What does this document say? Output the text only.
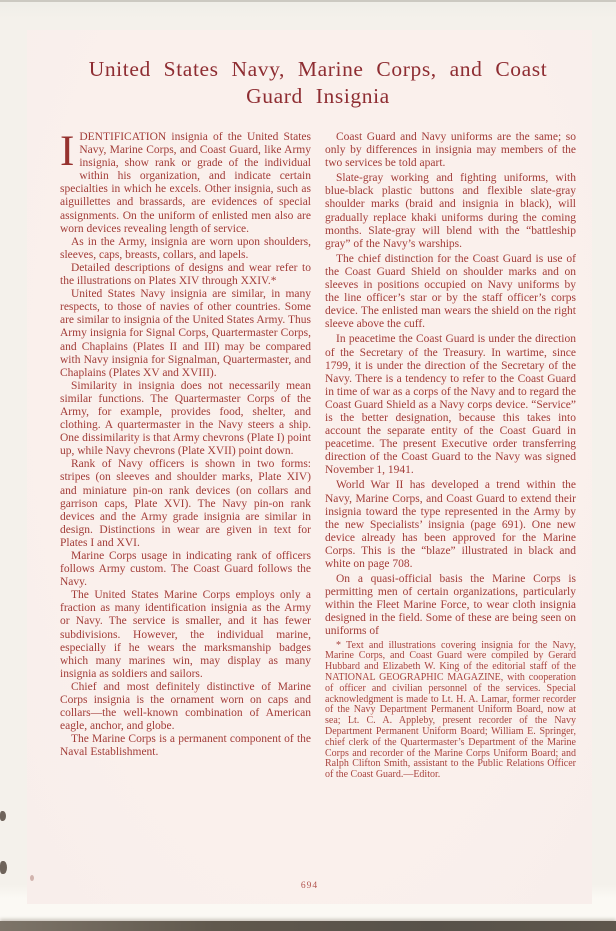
United States Navy, Marine Corps, and Coast
Guard Insignia

IDENTIFICATION insignia of the United States Navy, Marine Corps, and Coast Guard, like Army insignia, show rank or grade of the individual within his organization, and indicate certain specialties in which he excels. Other insignia, such as aiguillettes and brassards, are evidences of special assignments. On the uniform of enlisted men also are worn devices revealing length of service.

As in the Army, insignia are worn upon shoulders, sleeves, caps, breasts, collars, and lapels.

Detailed descriptions of designs and wear refer to the illustrations on Plates XIV through XXIV.*

United States Navy insignia are similar, in many respects, to those of navies of other countries. Some are similar to insignia of the United States Army. Thus Army insignia for Signal Corps, Quartermaster Corps, and Chaplains (Plates II and III) may be compared with Navy insignia for Signalman, Quartermaster, and Chaplains (Plates XV and XVIII).

Similarity in insignia does not necessarily mean similar functions. The Quartermaster Corps of the Army, for example, provides food, shelter, and clothing. A quartermaster in the Navy steers a ship. One dissimilarity is that Army chevrons (Plate I) point up, while Navy chevrons (Plate XVII) point down.

Rank of Navy officers is shown in two forms: stripes (on sleeves and shoulder marks, Plate XIV) and miniature pin-on rank devices (on collars and garrison caps, Plate XVI). The Navy pin-on rank devices and the Army grade insignia are similar in design. Distinctions in wear are given in text for Plates I and XVI.

Marine Corps usage in indicating rank of officers follows Army custom. The Coast Guard follows the Navy.

The United States Marine Corps employs only a fraction as many identification insignia as the Army or Navy. The service is smaller, and it has fewer subdivisions. However, the individual marine, especially if he wears the marksmanship badges which many marines win, may display as many insignia as soldiers and sailors.

Chief and most definitely distinctive of Marine Corps insignia is the ornament worn on caps and collars—the well-known combination of American eagle, anchor, and globe.

The Marine Corps is a permanent component of the Naval Establishment.

Coast Guard and Navy uniforms are the same; so only by differences in insignia may members of the two services be told apart.

Slate-gray working and fighting uniforms, with blue-black plastic buttons and flexible slate-gray shoulder marks (braid and insignia in black), will gradually replace khaki uniforms during the coming months. Slate-gray will blend with the “battleship gray” of the Navy’s warships.

The chief distinction for the Coast Guard is use of the Coast Guard Shield on shoulder marks and on sleeves in positions occupied on Navy uniforms by the line officer’s star or by the staff officer’s corps device. The enlisted man wears the shield on the right sleeve above the cuff.

In peacetime the Coast Guard is under the direction of the Secretary of the Treasury. In wartime, since 1799, it is under the direction of the Secretary of the Navy. There is a tendency to refer to the Coast Guard in time of war as a corps of the Navy and to regard the Coast Guard Shield as a Navy corps device. “Service” is the better designation, because this takes into account the separate entity of the Coast Guard in peacetime. The present Executive order transferring direction of the Coast Guard to the Navy was signed November 1, 1941.

World War II has developed a trend within the Navy, Marine Corps, and Coast Guard to extend their insignia toward the type represented in the Army by the new Specialists’ insignia (page 691). One new device already has been approved for the Marine Corps. This is the “blaze” illustrated in black and white on page 708.

On a quasi-official basis the Marine Corps is permitting men of certain organizations, particularly within the Fleet Marine Force, to wear cloth insignia designed in the field. Some of these are being seen on uniforms of

* Text and illustrations covering insignia for the Navy, Marine Corps, and Coast Guard were compiled by Gerard Hubbard and Elizabeth W. King of the editorial staff of the NATIONAL GEOGRAPHIC MAGAZINE, with cooperation of officer and civilian personnel of the services. Special acknowledgment is made to Lt. H. A. Lamar, former recorder of the Navy Department Permanent Uniform Board, now at sea; Lt. C. A. Appleby, present recorder of the Navy Department Permanent Uniform Board; William E. Springer, chief clerk of the Quartermaster’s Department of the Marine Corps and recorder of the Marine Corps Uniform Board; and Ralph Clifton Smith, assistant to the Public Relations Officer of the Coast Guard.—Editor.

694
